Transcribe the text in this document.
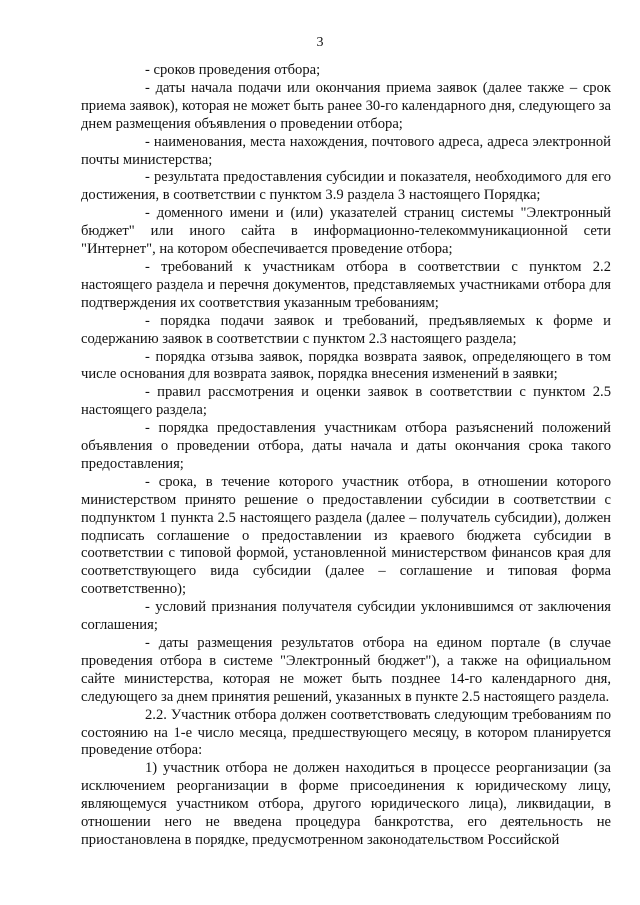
3

- сроков проведения отбора;

- даты начала подачи или окончания приема заявок (далее также – срок приема заявок), которая не может быть ранее 30-го календарного дня, следующего за днем размещения объявления о проведении отбора;

- наименования, места нахождения, почтового адреса, адреса электронной почты министерства;

- результата предоставления субсидии и показателя, необходимого для его достижения, в соответствии с пунктом 3.9 раздела 3 настоящего Порядка;

- доменного имени и (или) указателей страниц системы "Электронный бюджет" или иного сайта в информационно-телекоммуникационной сети "Интернет", на котором обеспечивается проведение отбора;

- требований к участникам отбора в соответствии с пунктом 2.2 настоящего раздела и перечня документов, представляемых участниками отбора для подтверждения их соответствия указанным требованиям;

- порядка подачи заявок и требований, предъявляемых к форме и содержанию заявок в соответствии с пунктом 2.3 настоящего раздела;

- порядка отзыва заявок, порядка возврата заявок, определяющего в том числе основания для возврата заявок, порядка внесения изменений в заявки;

- правил рассмотрения и оценки заявок в соответствии с пунктом 2.5 настоящего раздела;

- порядка предоставления участникам отбора разъяснений положений объявления о проведении отбора, даты начала и даты окончания срока такого предоставления;

- срока, в течение которого участник отбора, в отношении которого министерством принято решение о предоставлении субсидии в соответствии с подпунктом 1 пункта 2.5 настоящего раздела (далее – получатель субсидии), должен подписать соглашение о предоставлении из краевого бюджета субсидии в соответствии с типовой формой, установленной министерством финансов края для соответствующего вида субсидии (далее – соглашение и типовая форма соответственно);

- условий признания получателя субсидии уклонившимся от заключения соглашения;

- даты размещения результатов отбора на едином портале (в случае проведения отбора в системе "Электронный бюджет"), а также на официальном сайте министерства, которая не может быть позднее 14-го календарного дня, следующего за днем принятия решений, указанных в пункте 2.5 настоящего раздела.

2.2. Участник отбора должен соответствовать следующим требованиям по состоянию на 1-е число месяца, предшествующего месяцу, в котором планируется проведение отбора:

1) участник отбора не должен находиться в процессе реорганизации (за исключением реорганизации в форме присоединения к юридическому лицу, являющемуся участником отбора, другого юридического лица), ликвидации, в отношении него не введена процедура банкротства, его деятельность не приостановлена в порядке, предусмотренном законодательством Российской
